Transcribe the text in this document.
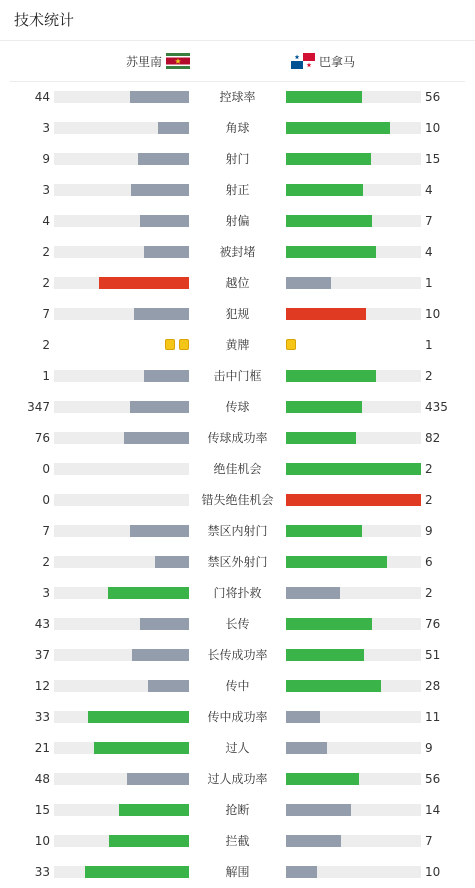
技术统计
苏里南	巴拿马
44	控球率	56
3	角球	10
9	射门	15
3	射正	4
4	射偏	7
2	被封堵	4
2	越位	1
7	犯规	10
2	黄牌	1
1	击中门框	2
347	传球	435
76	传球成功率	82
0	绝佳机会	2
0	错失绝佳机会	2
7	禁区内射门	9
2	禁区外射门	6
3	门将扑救	2
43	长传	76
37	长传成功率	51
12	传中	28
33	传中成功率	11
21	过人	9
48	过人成功率	56
15	抢断	14
10	拦截	7
33	解围	10
